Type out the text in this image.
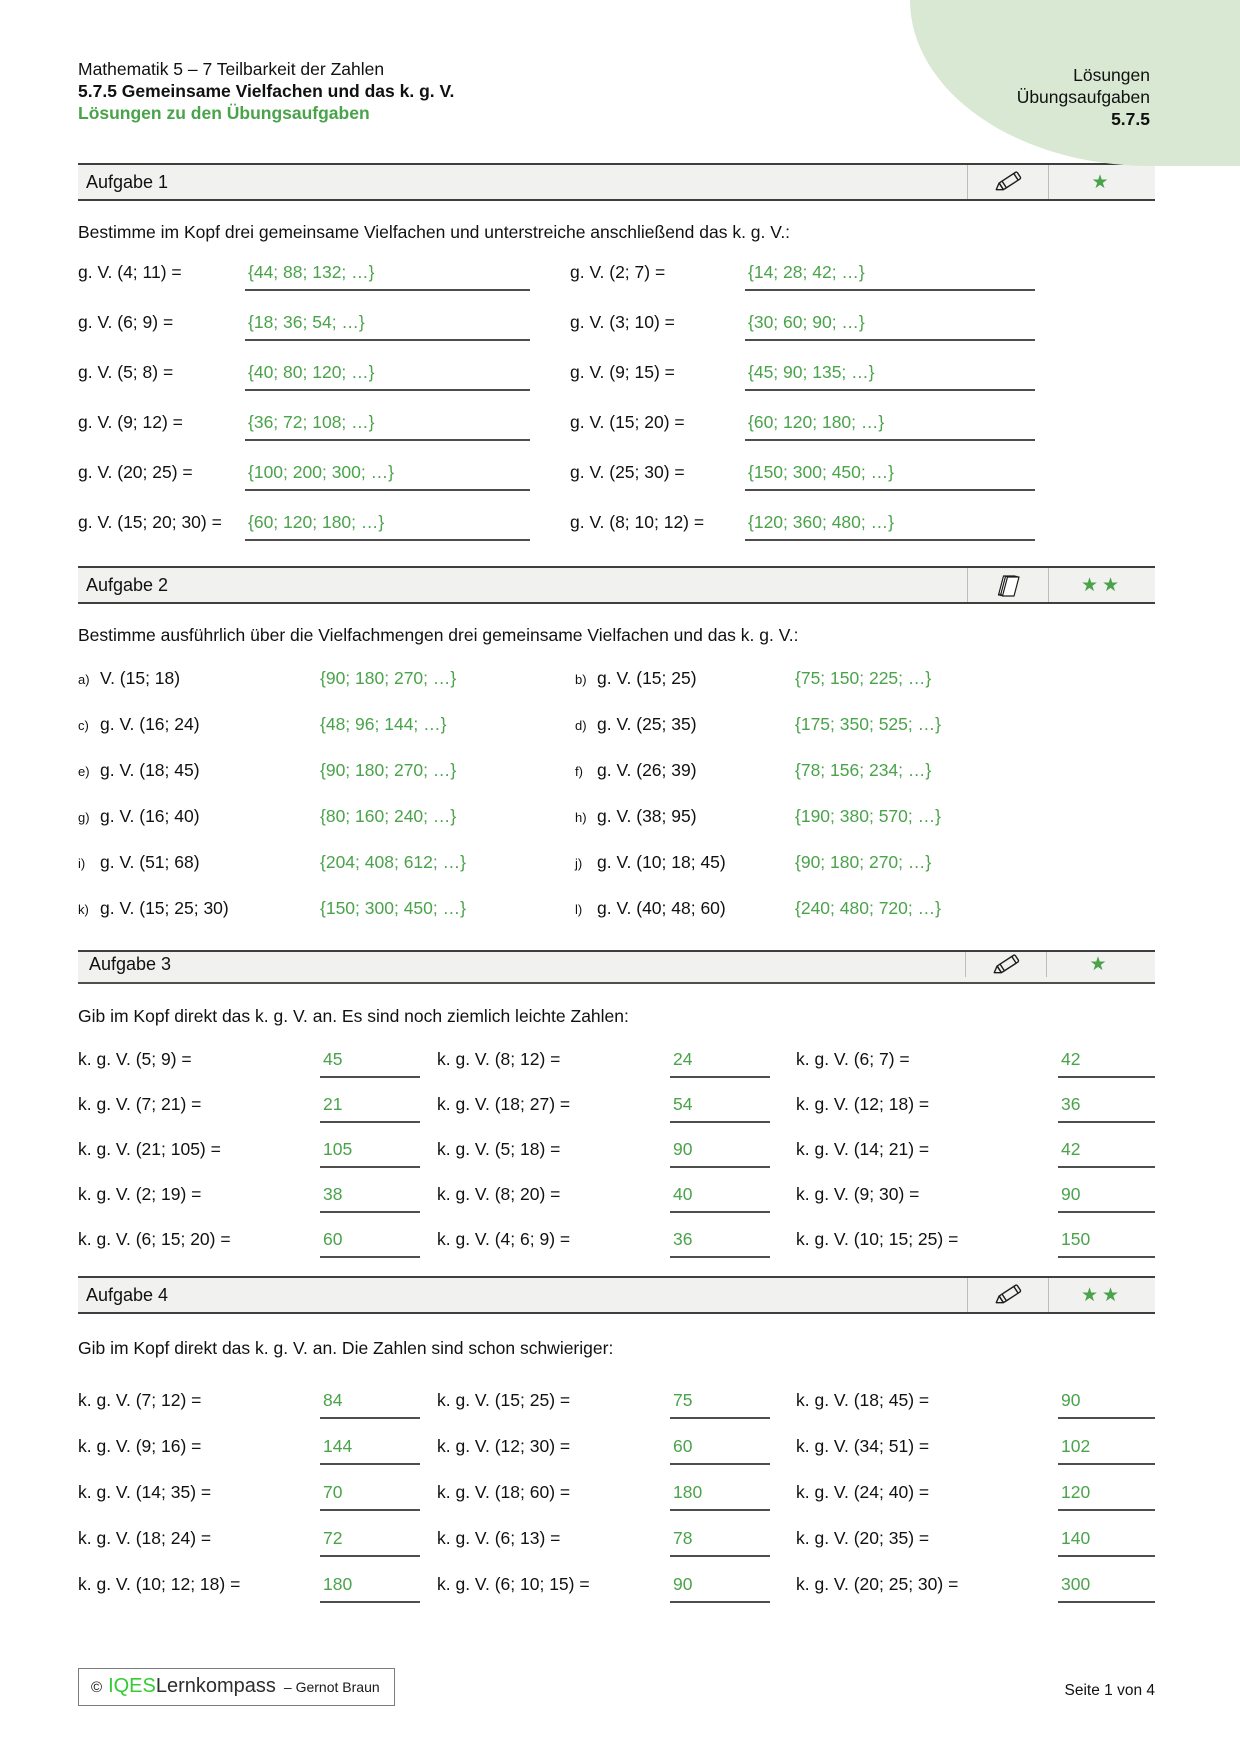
Lösungen
Übungsaufgaben
5.7.5
Mathematik 5 – 7 Teilbarkeit der Zahlen
5.7.5 Gemeinsame Vielfachen und das k. g. V.
Lösungen zu den Übungsaufgaben
Aufgabe 1	★

Bestimme im Kopf drei gemeinsame Vielfachen und unterstreiche anschließend das k. g. V.:

g. V. (4; 11) =	{44; 88; 132; …}	g. V. (2; 7) =	{14; 28; 42; …}
g. V. (6; 9) =	{18; 36; 54; …}	g. V. (3; 10) =	{30; 60; 90; …}
g. V. (5; 8) =	{40; 80; 120; …}	g. V. (9; 15) =	{45; 90; 135; …}
g. V. (9; 12) =	{36; 72; 108; …}	g. V. (15; 20) =	{60; 120; 180; …}
g. V. (20; 25) =	{100; 200; 300; …}	g. V. (25; 30) =	{150; 300; 450; …}
g. V. (15; 20; 30) =	{60; 120; 180; …}	g. V. (8; 10; 12) =	{120; 360; 480; …}
Aufgabe 2	★★

Bestimme ausführlich über die Vielfachmengen drei gemeinsame Vielfachen und das k. g. V.:

a) V. (15; 18)	{90; 180; 270; …}	b) g. V. (15; 25)	{75; 150; 225; …}
c) g. V. (16; 24)	{48; 96; 144; …}	d) g. V. (25; 35)	{175; 350; 525; …}
e) g. V. (18; 45)	{90; 180; 270; …}	f) g. V. (26; 39)	{78; 156; 234; …}
g) g. V. (16; 40)	{80; 160; 240; …}	h) g. V. (38; 95)	{190; 380; 570; …}
i) g. V. (51; 68)	{204; 408; 612; …}	j) g. V. (10; 18; 45)	{90; 180; 270; …}
k) g. V. (15; 25; 30)	{150; 300; 450; …}	l) g. V. (40; 48; 60)	{240; 480; 720; …}
Aufgabe 3	★

Gib im Kopf direkt das k. g. V. an. Es sind noch ziemlich leichte Zahlen:

k. g. V. (5; 9) =	45	k. g. V. (8; 12) =	24	k. g. V. (6; 7) =	42
k. g. V. (7; 21) =	21	k. g. V. (18; 27) =	54	k. g. V. (12; 18) =	36
k. g. V. (21; 105) =	105	k. g. V. (5; 18) =	90	k. g. V. (14; 21) =	42
k. g. V. (2; 19) =	38	k. g. V. (8; 20) =	40	k. g. V. (9; 30) =	90
k. g. V. (6; 15; 20) =	60	k. g. V. (4; 6; 9) =	36	k. g. V. (10; 15; 25) =	150
Aufgabe 4	★★

Gib im Kopf direkt das k. g. V. an. Die Zahlen sind schon schwieriger:

k. g. V. (7; 12) =	84	k. g. V. (15; 25) =	75	k. g. V. (18; 45) =	90
k. g. V. (9; 16) =	144	k. g. V. (12; 30) =	60	k. g. V. (34; 51) =	102
k. g. V. (14; 35) =	70	k. g. V. (18; 60) =	180	k. g. V. (24; 40) =	120
k. g. V. (18; 24) =	72	k. g. V. (6; 13) =	78	k. g. V. (20; 35) =	140
k. g. V. (10; 12; 18) =	180	k. g. V. (6; 10; 15) =	90	k. g. V. (20; 25; 30) =	300
© IQES Lernkompass – Gernot Braun	Seite 1 von 4
